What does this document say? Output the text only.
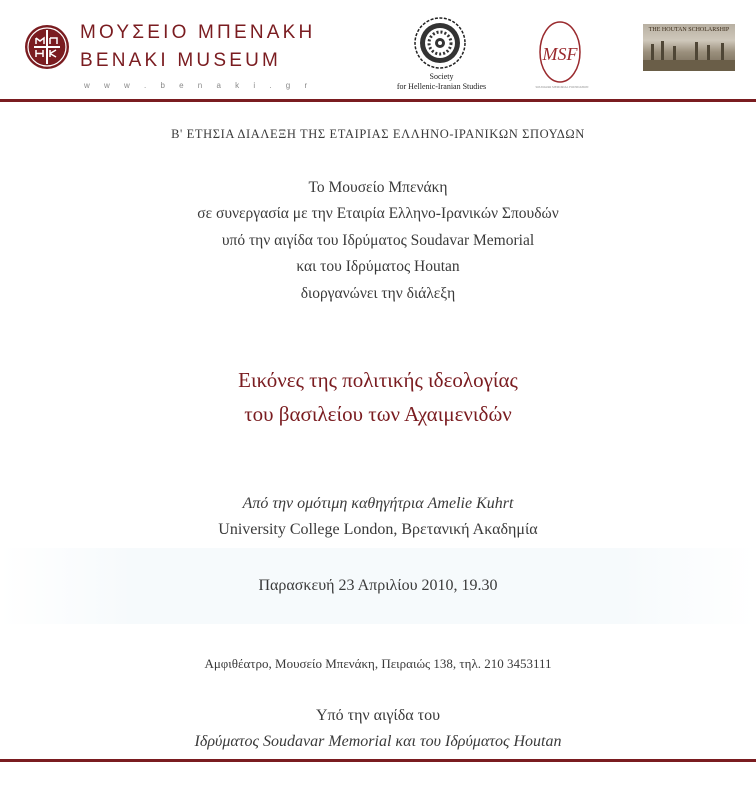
ΜΟΥΣΕΙΟ ΜΠΕΝΑΚΗ
BENAKI MUSEUM
w w w . b e n a k i . g r
Society
for Hellenic-Iranian Studies
MSF
SOUDAVAR MEMORIAL FOUNDATION
THE HOUTAN SCHOLARSHIP
Β' ΕΤΗΣΙΑ ΔΙΑΛΕΞΗ ΤΗΣ ΕΤΑΙΡΙΑΣ ΕΛΛΗΝΟ-ΙΡΑΝΙΚΩΝ ΣΠΟΥΔΩΝ
Το Μουσείο Μπενάκη
σε συνεργασία με την Εταιρία Ελληνο-Ιρανικών Σπουδών
υπό την αιγίδα του Ιδρύματος Soudavar Memorial
και του Ιδρύματος Houtan
διοργανώνει την διάλεξη
Εικόνες της πολιτικής ιδεολογίας
του βασιλείου των Αχαιμενιδών
Από την ομότιμη καθηγήτρια Amelie Kuhrt
University College London, Βρετανική Ακαδημία
Παρασκευή 23 Απριλίου 2010, 19.30
Αμφιθέατρο, Μουσείο Μπενάκη, Πειραιώς 138, τηλ. 210 3453111
Υπό την αιγίδα του
Ιδρύματος Soudavar Memorial και του Ιδρύματος Houtan
